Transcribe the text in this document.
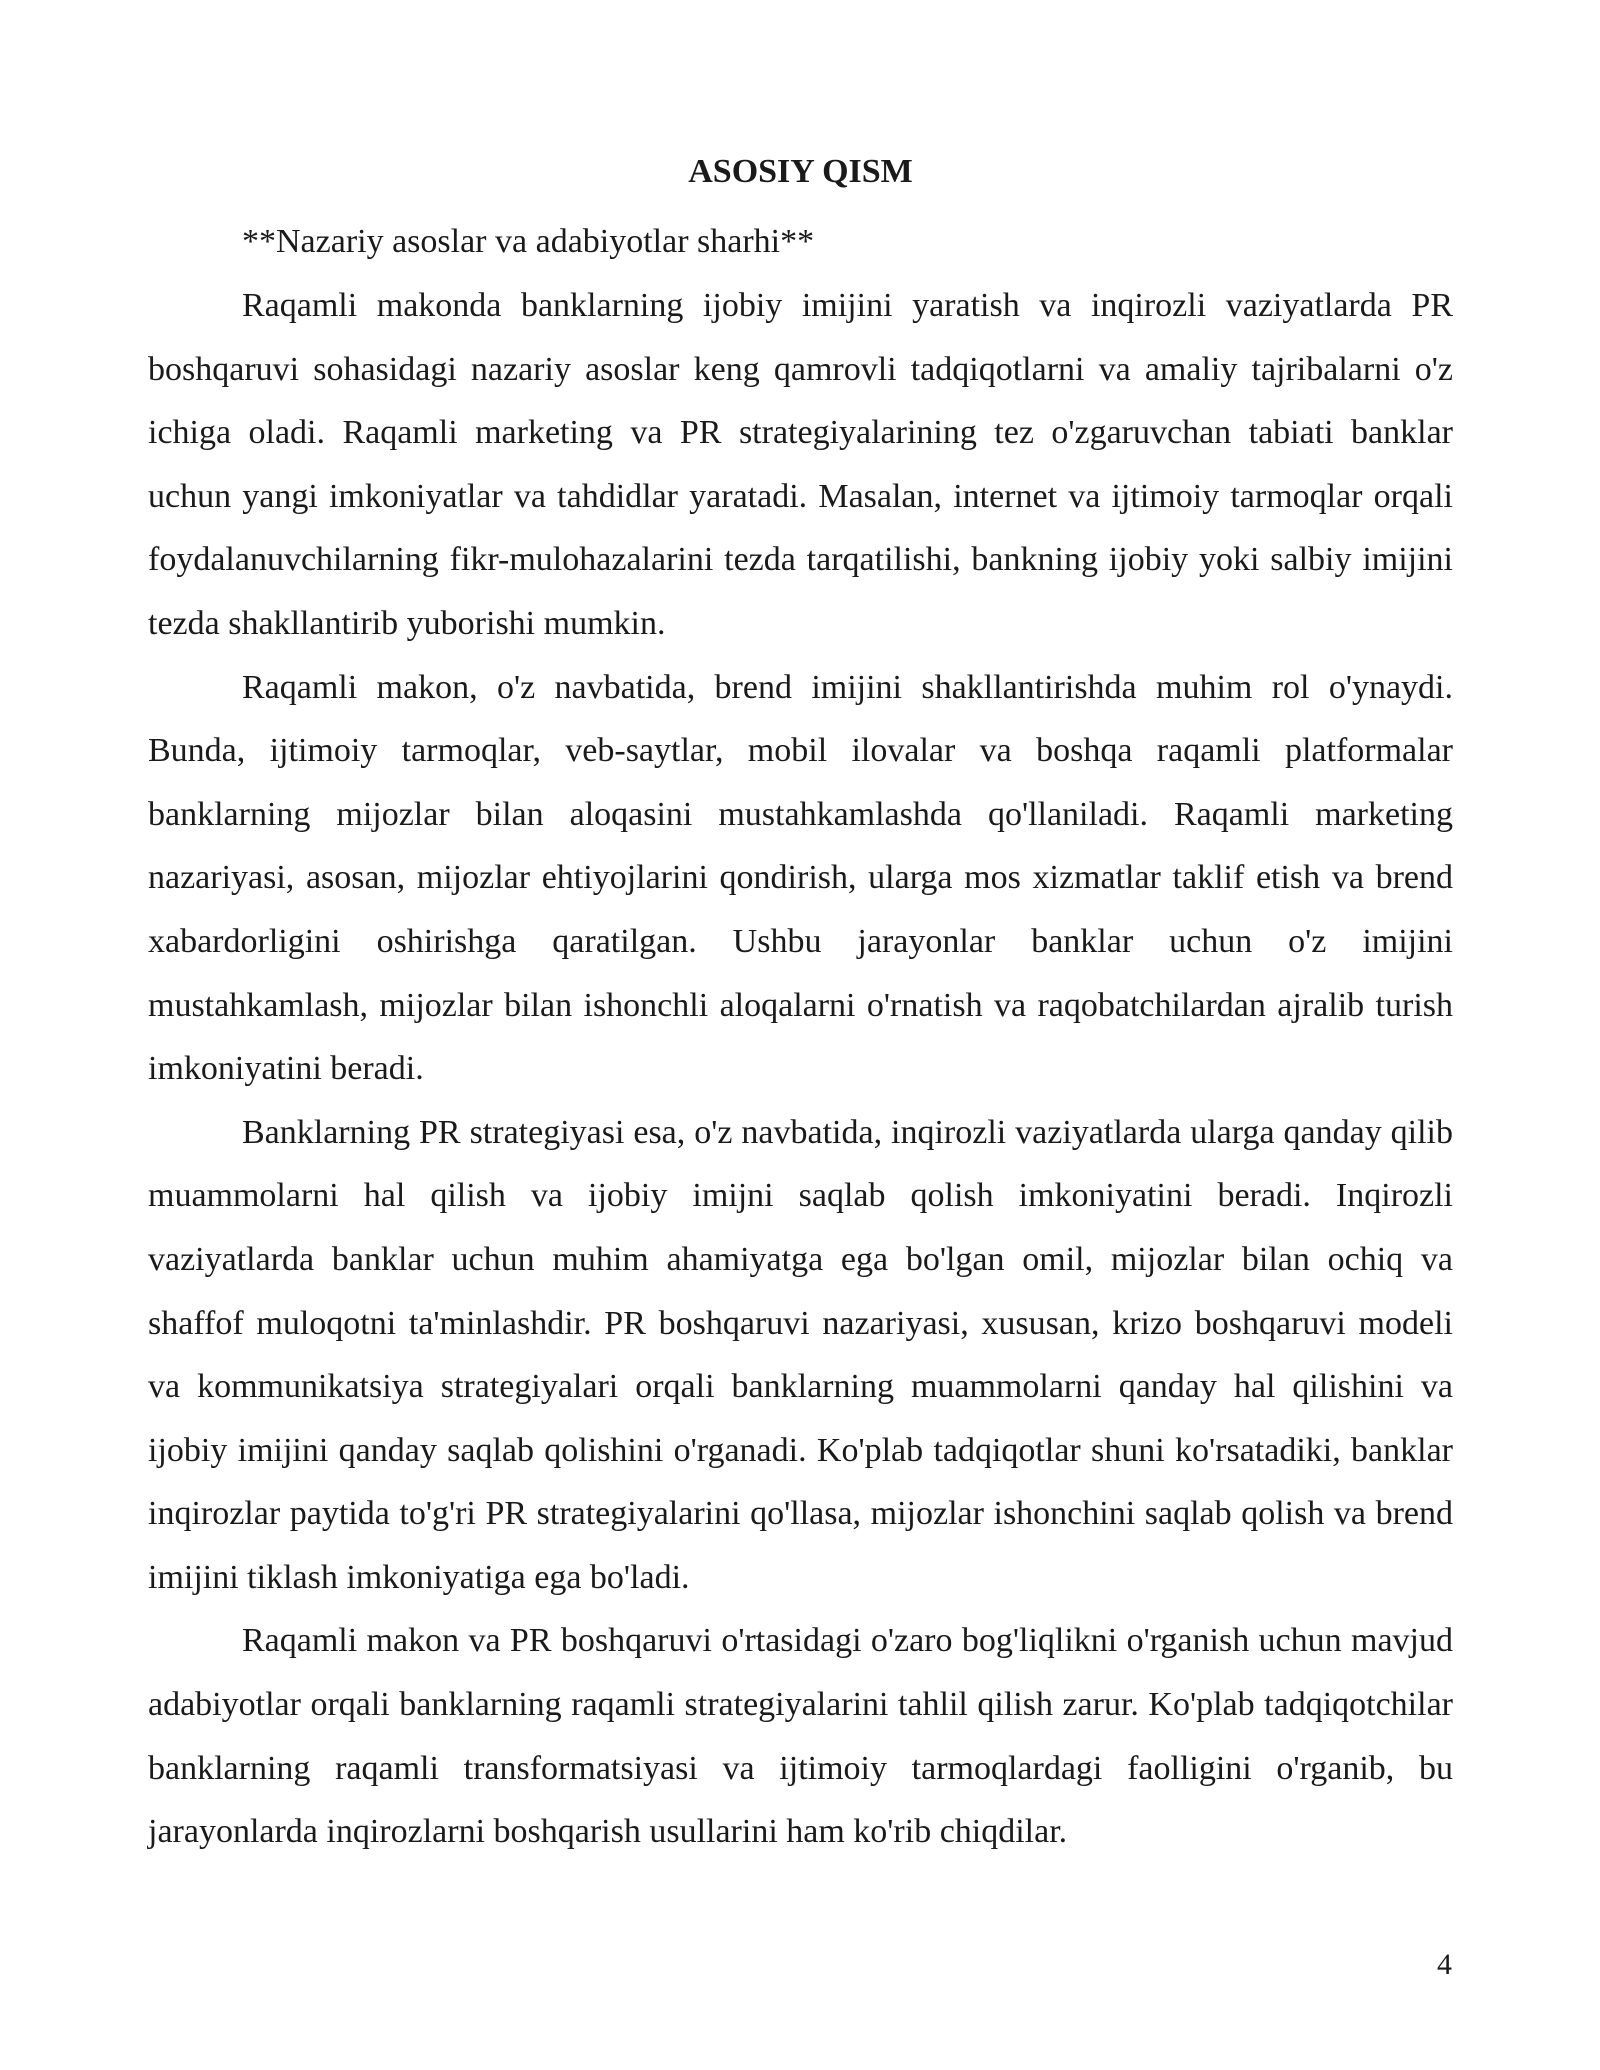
ASOSIY QISM

**Nazariy asoslar va adabiyotlar sharhi**

Raqamli makonda banklarning ijobiy imijini yaratish va inqirozli vaziyatlarda PR boshqaruvi sohasidagi nazariy asoslar keng qamrovli tadqiqotlarni va amaliy tajribalarni o'z ichiga oladi. Raqamli marketing va PR strategiyalarining tez o'zgaruvchan tabiati banklar uchun yangi imkoniyatlar va tahdidlar yaratadi. Masalan, internet va ijtimoiy tarmoqlar orqali foydalanuvchilarning fikr-mulohazalarini tezda tarqatilishi, bankning ijobiy yoki salbiy imijini tezda shakllantirib yuborishi mumkin.

Raqamli makon, o'z navbatida, brend imijini shakllantirishda muhim rol o'ynaydi. Bunda, ijtimoiy tarmoqlar, veb-saytlar, mobil ilovalar va boshqa raqamli platformalar banklarning mijozlar bilan aloqasini mustahkamlashda qo'llaniladi. Raqamli marketing nazariyasi, asosan, mijozlar ehtiyojlarini qondirish, ularga mos xizmatlar taklif etish va brend xabardorligini oshirishga qaratilgan. Ushbu jarayonlar banklar uchun o'z imijini mustahkamlash, mijozlar bilan ishonchli aloqalarni o'rnatish va raqobatchilardan ajralib turish imkoniyatini beradi.

Banklarning PR strategiyasi esa, o'z navbatida, inqirozli vaziyatlarda ularga qanday qilib muammolarni hal qilish va ijobiy imijni saqlab qolish imkoniyatini beradi. Inqirozli vaziyatlarda banklar uchun muhim ahamiyatga ega bo'lgan omil, mijozlar bilan ochiq va shaffof muloqotni ta'minlashdir. PR boshqaruvi nazariyasi, xususan, krizo boshqaruvi modeli va kommunikatsiya strategiyalari orqali banklarning muammolarni qanday hal qilishini va ijobiy imijini qanday saqlab qolishini o'rganadi. Ko'plab tadqiqotlar shuni ko'rsatadiki, banklar inqirozlar paytida to'g'ri PR strategiyalarini qo'llasa, mijozlar ishonchini saqlab qolish va brend imijini tiklash imkoniyatiga ega bo'ladi.

Raqamli makon va PR boshqaruvi o'rtasidagi o'zaro bog'liqlikni o'rganish uchun mavjud adabiyotlar orqali banklarning raqamli strategiyalarini tahlil qilish zarur. Ko'plab tadqiqotchilar banklarning raqamli transformatsiyasi va ijtimoiy tarmoqlardagi faolligini o'rganib, bu jarayonlarda inqirozlarni boshqarish usullarini ham ko'rib chiqdilar.

4
